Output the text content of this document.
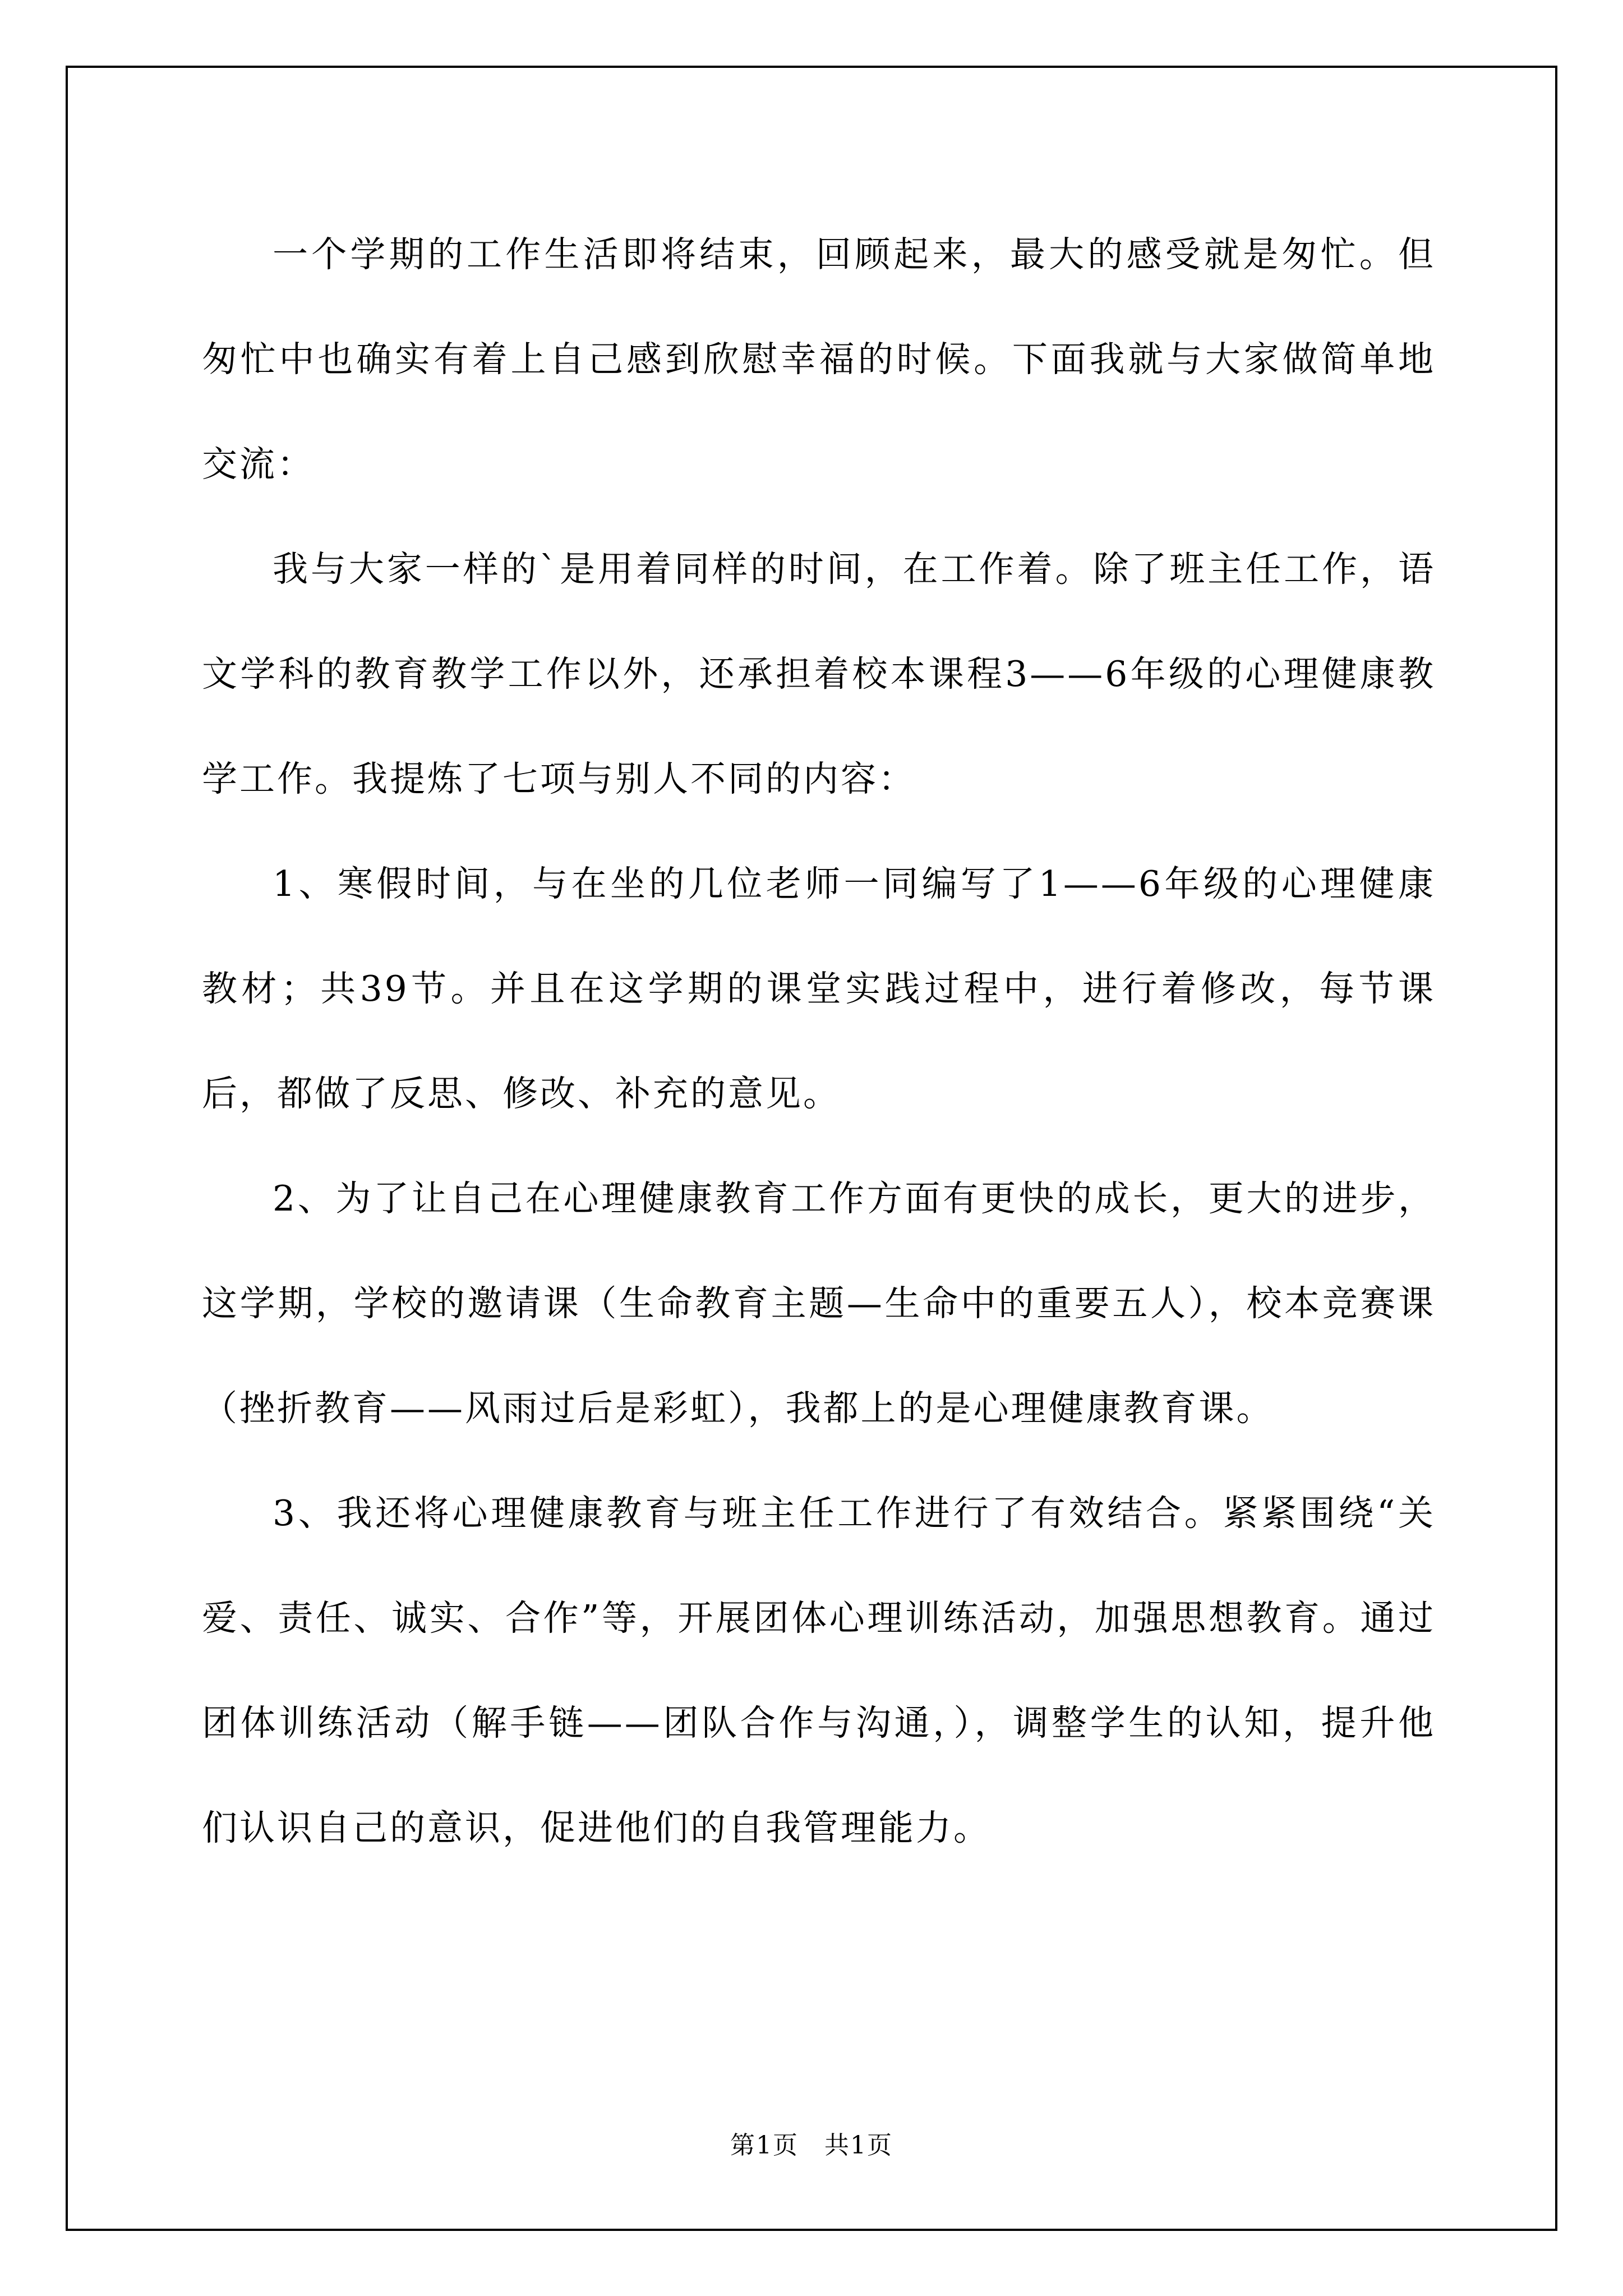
一个学期的工作生活即将结束，回顾起来，最大的感受就是匆忙。但匆忙中也确实有着上自己感到欣慰幸福的时候。下面我就与大家做简单地交流：

我与大家一样的`是用着同样的时间，在工作着。除了班主任工作，语文学科的教育教学工作以外，还承担着校本课程3——6年级的心理健康教学工作。我提炼了七项与别人不同的内容：

1、寒假时间，与在坐的几位老师一同编写了1——6年级的心理健康教材；共39节。并且在这学期的课堂实践过程中，进行着修改，每节课后，都做了反思、修改、补充的意见。

2、为了让自己在心理健康教育工作方面有更快的成长，更大的进步，这学期，学校的邀请课（生命教育主题—生命中的重要五人），校本竞赛课（挫折教育——风雨过后是彩虹），我都上的是心理健康教育课。

3、我还将心理健康教育与班主任工作进行了有效结合。紧紧围绕“关爱、责任、诚实、合作”等，开展团体心理训练活动，加强思想教育。通过团体训练活动（解手链——团队合作与沟通，），调整学生的认知，提升他们认识自己的意识，促进他们的自我管理能力。

第1页　共1页
